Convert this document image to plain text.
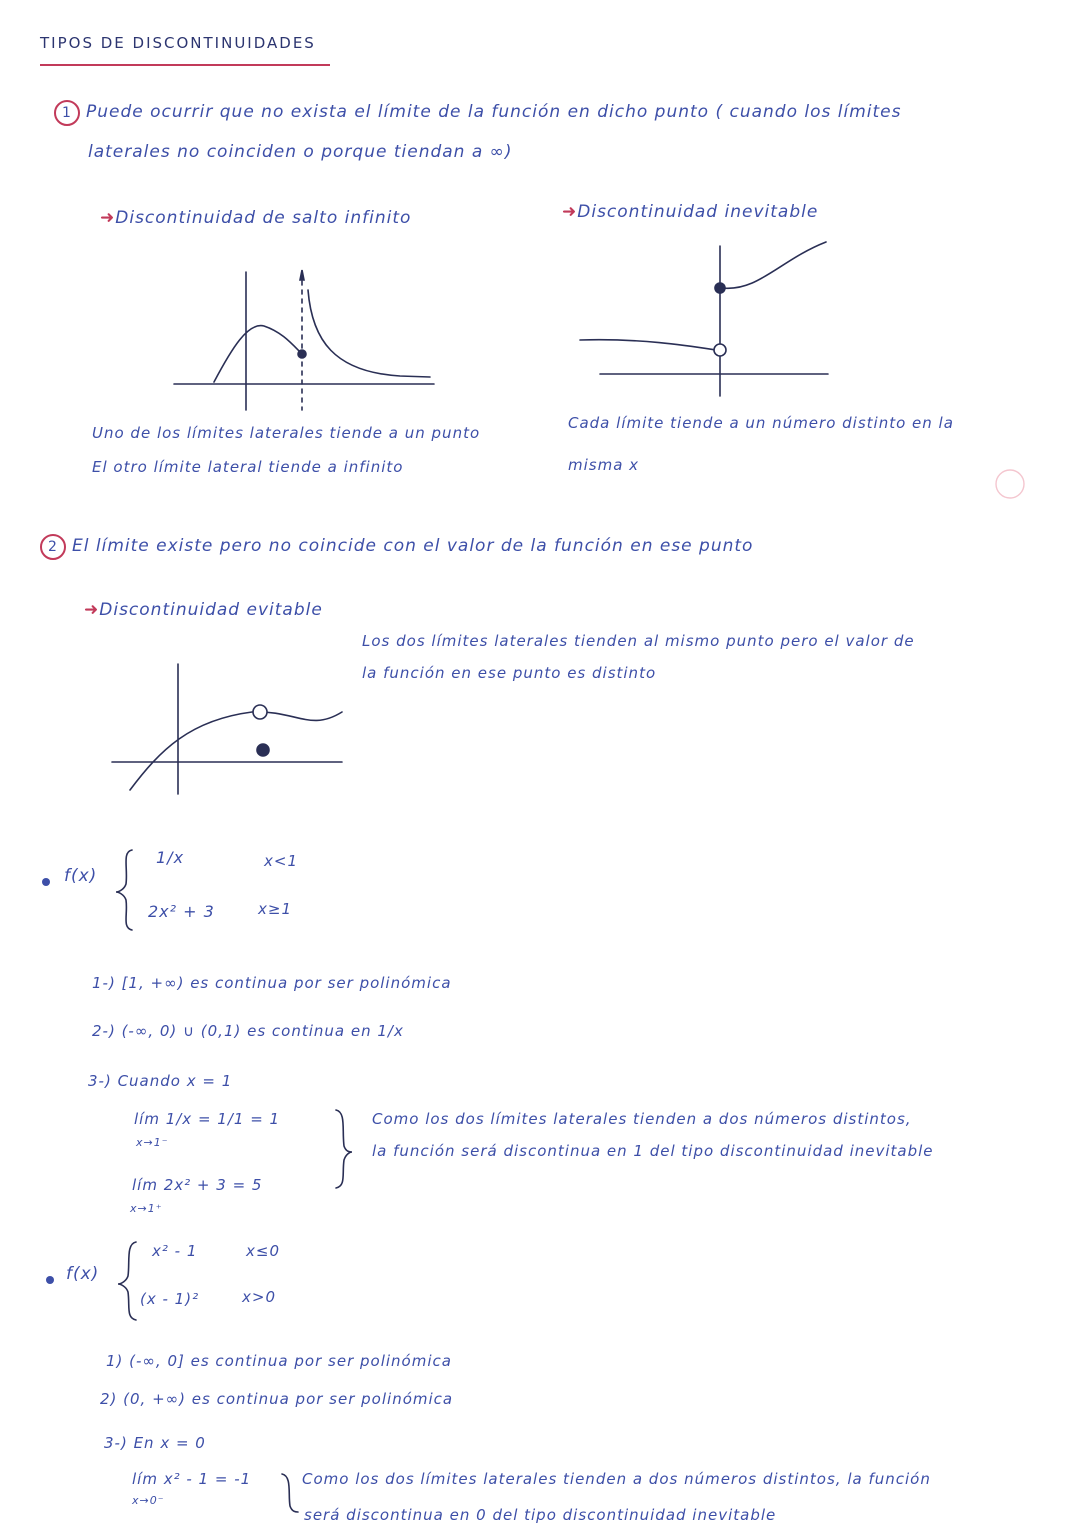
TIPOS DE DISCONTINUIDADES
1 Puede ocurrir que no exista el límite de la función en dicho punto ( cuando los límites
laterales no coinciden o porque tiendan a ∞)
➜Discontinuidad de salto infinito	➜Discontinuidad inevitable
Uno de los límites laterales tiende a un punto
El otro límite lateral tiende a infinito
Cada límite tiende a un número distinto en la
misma x
2 El límite existe pero no coincide con el valor de la función en ese punto
➜Discontinuidad evitable
Los dos límites laterales tienden al mismo punto pero el valor de
la función en ese punto es distinto
f(x)
1/x	x<1
2x² + 3	x≥1
1-) [1, +∞) es continua por ser polinómica
2-) (-∞, 0) ∪ (0,1) es continua en 1/x
3-) Cuando x = 1
lím 1/x = 1/1 = 1
x→1⁻
lím 2x² + 3 = 5
x→1⁺
Como los dos límites laterales tienden a dos números distintos,
la función será discontinua en 1 del tipo discontinuidad inevitable
f(x)
x² - 1	x≤0
(x - 1)²	x>0
1) (-∞, 0] es continua por ser polinómica
2) (0, +∞) es continua por ser polinómica
3-) En x = 0
lím x² - 1 = -1
x→0⁻
Como los dos límites laterales tienden a dos números distintos, la función
será discontinua en 0 del tipo discontinuidad inevitable
